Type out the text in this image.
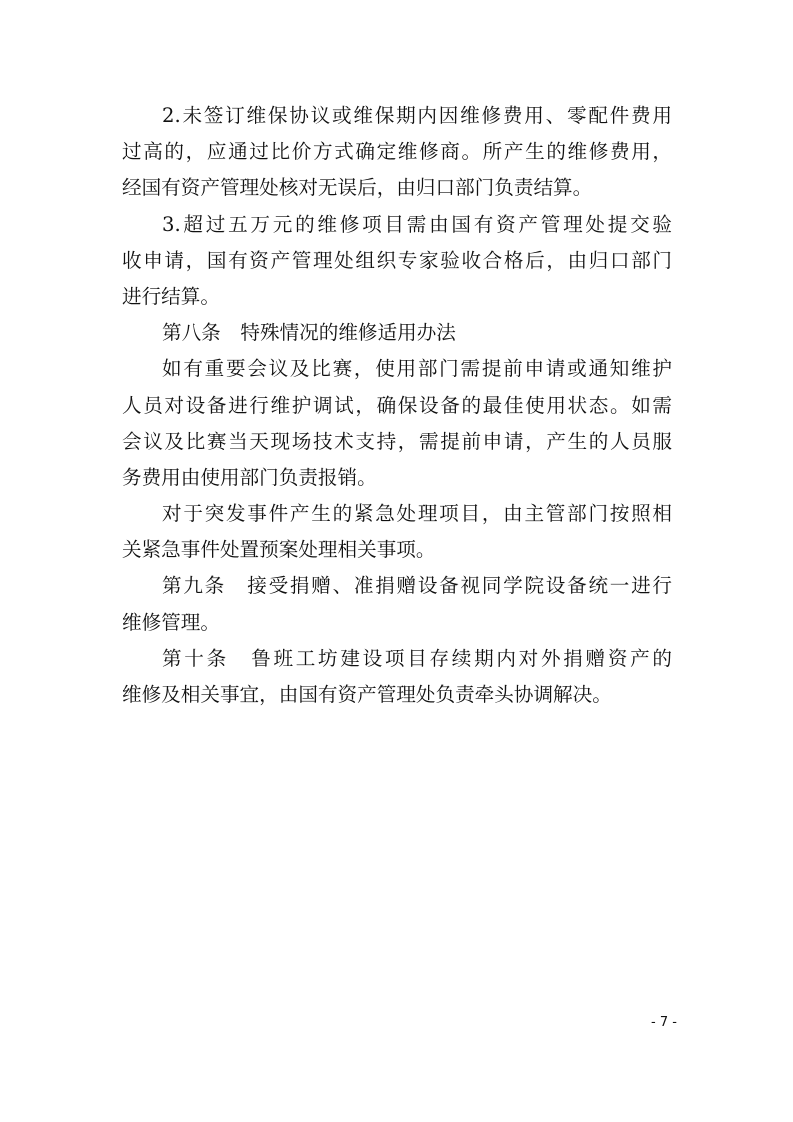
2.未签订维保协议或维保期内因维修费用、零配件费用
过高的，应通过比价方式确定维修商。所产生的维修费用，
经国有资产管理处核对无误后，由归口部门负责结算。
3.超过五万元的维修项目需由国有资产管理处提交验
收申请，国有资产管理处组织专家验收合格后，由归口部门
进行结算。
第八条　特殊情况的维修适用办法
如有重要会议及比赛，使用部门需提前申请或通知维护
人员对设备进行维护调试，确保设备的最佳使用状态。如需
会议及比赛当天现场技术支持，需提前申请，产生的人员服
务费用由使用部门负责报销。
对于突发事件产生的紧急处理项目，由主管部门按照相
关紧急事件处置预案处理相关事项。
第九条　接受捐赠、准捐赠设备视同学院设备统一进行
维修管理。
第十条　鲁班工坊建设项目存续期内对外捐赠资产的
维修及相关事宜，由国有资产管理处负责牵头协调解决。
- 7 -
